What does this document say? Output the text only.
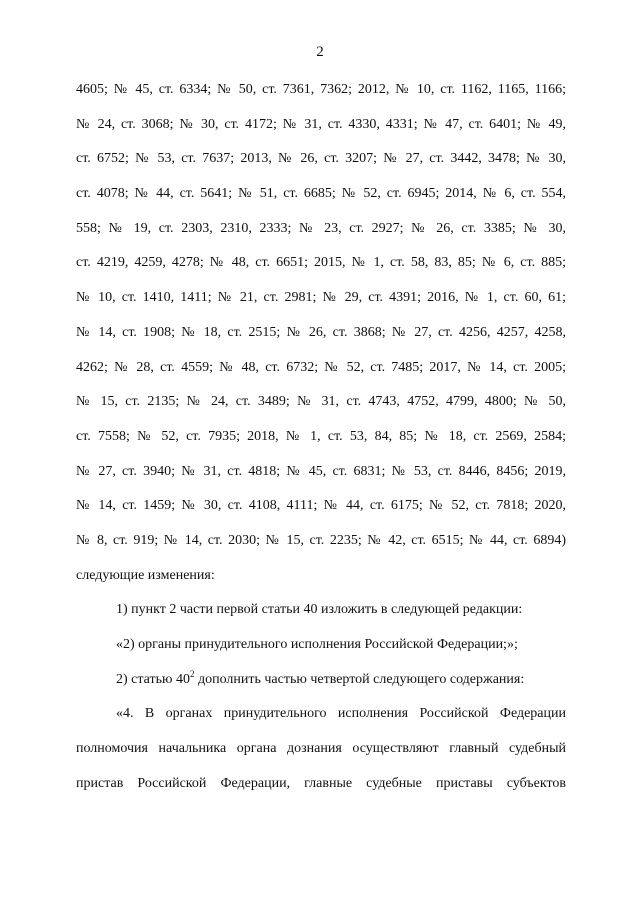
2
4605; № 45, ст. 6334; № 50, ст. 7361, 7362; 2012, № 10, ст. 1162, 1165, 1166;
№ 24, ст. 3068; № 30, ст. 4172; № 31, ст. 4330, 4331; № 47, ст. 6401; № 49,
ст. 6752; № 53, ст. 7637; 2013, № 26, ст. 3207; № 27, ст. 3442, 3478; № 30,
ст. 4078; № 44, ст. 5641; № 51, ст. 6685; № 52, ст. 6945; 2014, № 6, ст. 554,
558; № 19, ст. 2303, 2310, 2333; № 23, ст. 2927; № 26, ст. 3385; № 30,
ст. 4219, 4259, 4278; № 48, ст. 6651; 2015, № 1, ст. 58, 83, 85; № 6, ст. 885;
№ 10, ст. 1410, 1411; № 21, ст. 2981; № 29, ст. 4391; 2016, № 1, ст. 60, 61;
№ 14, ст. 1908; № 18, ст. 2515; № 26, ст. 3868; № 27, ст. 4256, 4257, 4258,
4262; № 28, ст. 4559; № 48, ст. 6732; № 52, ст. 7485; 2017, № 14, ст. 2005;
№ 15, ст. 2135; № 24, ст. 3489; № 31, ст. 4743, 4752, 4799, 4800; № 50,
ст. 7558; № 52, ст. 7935; 2018, № 1, ст. 53, 84, 85; № 18, ст. 2569, 2584;
№ 27, ст. 3940; № 31, ст. 4818; № 45, ст. 6831; № 53, ст. 8446, 8456; 2019,
№ 14, ст. 1459; № 30, ст. 4108, 4111; № 44, ст. 6175; № 52, ст. 7818; 2020,
№ 8, ст. 919; № 14, ст. 2030; № 15, ст. 2235; № 42, ст. 6515; № 44, ст. 6894)
следующие изменения:
1) пункт 2 части первой статьи 40 изложить в следующей редакции:
«2) органы принудительного исполнения Российской Федерации;»;
2) статью $40^2$ дополнить частью четвертой следующего содержания:
«4. В органах принудительного исполнения Российской Федерации
полномочия начальника органа дознания осуществляют главный судебный
пристав Российской Федерации, главные судебные приставы субъектов
